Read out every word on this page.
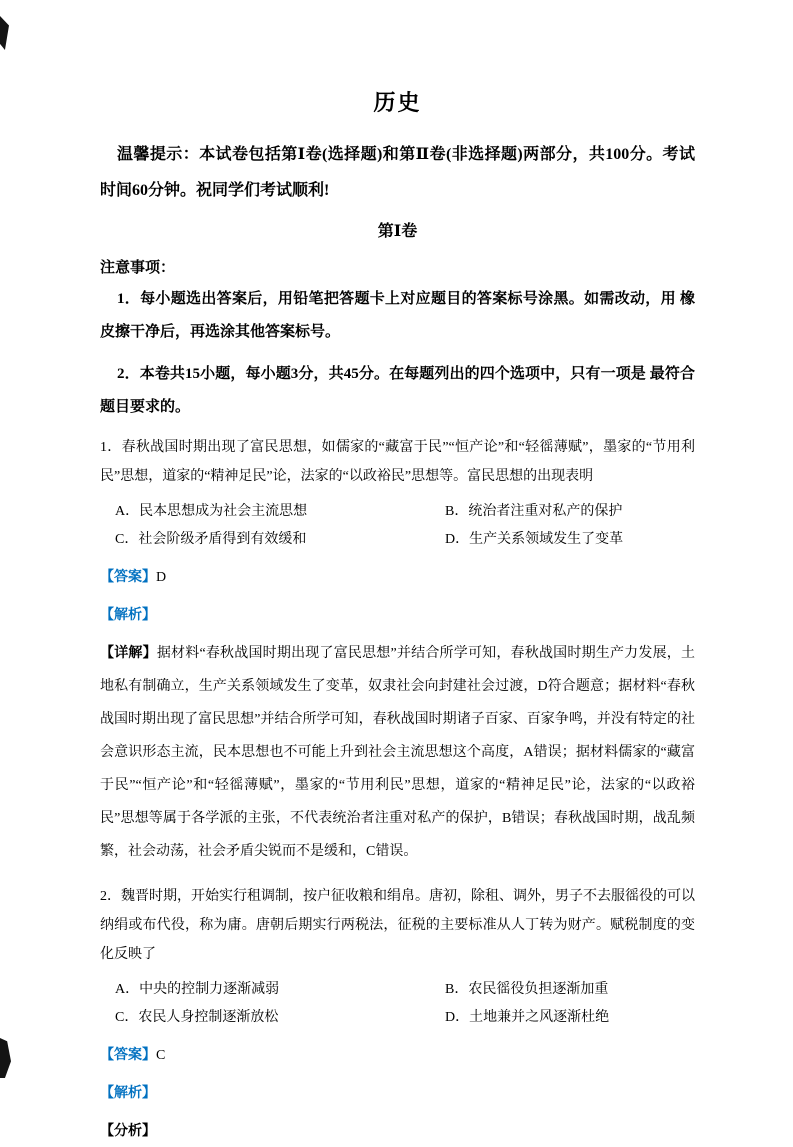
历史

温馨提示：本试卷包括第Ⅰ卷(选择题)和第Ⅱ卷(非选择题)两部分，共100分。考试时间60分钟。祝同学们考试顺利!

第Ⅰ卷

注意事项：

1．每小题选出答案后，用铅笔把答题卡上对应题目的答案标号涂黑。如需改动，用 橡皮擦干净后，再选涂其他答案标号。

2．本卷共15小题，每小题3分，共45分。在每题列出的四个选项中，只有一项是 最符合题目要求的。

1．春秋战国时期出现了富民思想，如儒家的“藏富于民”“恒产论”和“轻徭薄赋”，墨家的“节用利民”思想，道家的“精神足民”论，法家的“以政裕民”思想等。富民思想的出现表明

A．民本思想成为社会主流思想	B．统治者注重对私产的保护
C．社会阶级矛盾得到有效缓和	D．生产关系领域发生了变革

【答案】D

【解析】

【详解】据材料“春秋战国时期出现了富民思想”并结合所学可知，春秋战国时期生产力发展，土地私有制确立，生产关系领域发生了变革，奴隶社会向封建社会过渡，D符合题意；据材料“春秋战国时期出现了富民思想”并结合所学可知，春秋战国时期诸子百家、百家争鸣，并没有特定的社会意识形态主流，民本思想也不可能上升到社会主流思想这个高度，A错误；据材料儒家的“藏富于民”“恒产论”和“轻徭薄赋”，墨家的“节用利民”思想，道家的“精神足民”论，法家的“以政裕民”思想等属于各学派的主张，不代表统治者注重对私产的保护，B错误；春秋战国时期，战乱频繁，社会动荡，社会矛盾尖锐而不是缓和，C错误。

2．魏晋时期，开始实行租调制，按户征收粮和绢帛。唐初，除租、调外，男子不去服徭役的可以纳绢或布代役，称为庸。唐朝后期实行两税法，征税的主要标准从人丁转为财产。赋税制度的变化反映了

A．中央的控制力逐渐减弱	B．农民徭役负担逐渐加重
C．农民人身控制逐渐放松	D．土地兼并之风逐渐杜绝

【答案】C

【解析】

【分析】
